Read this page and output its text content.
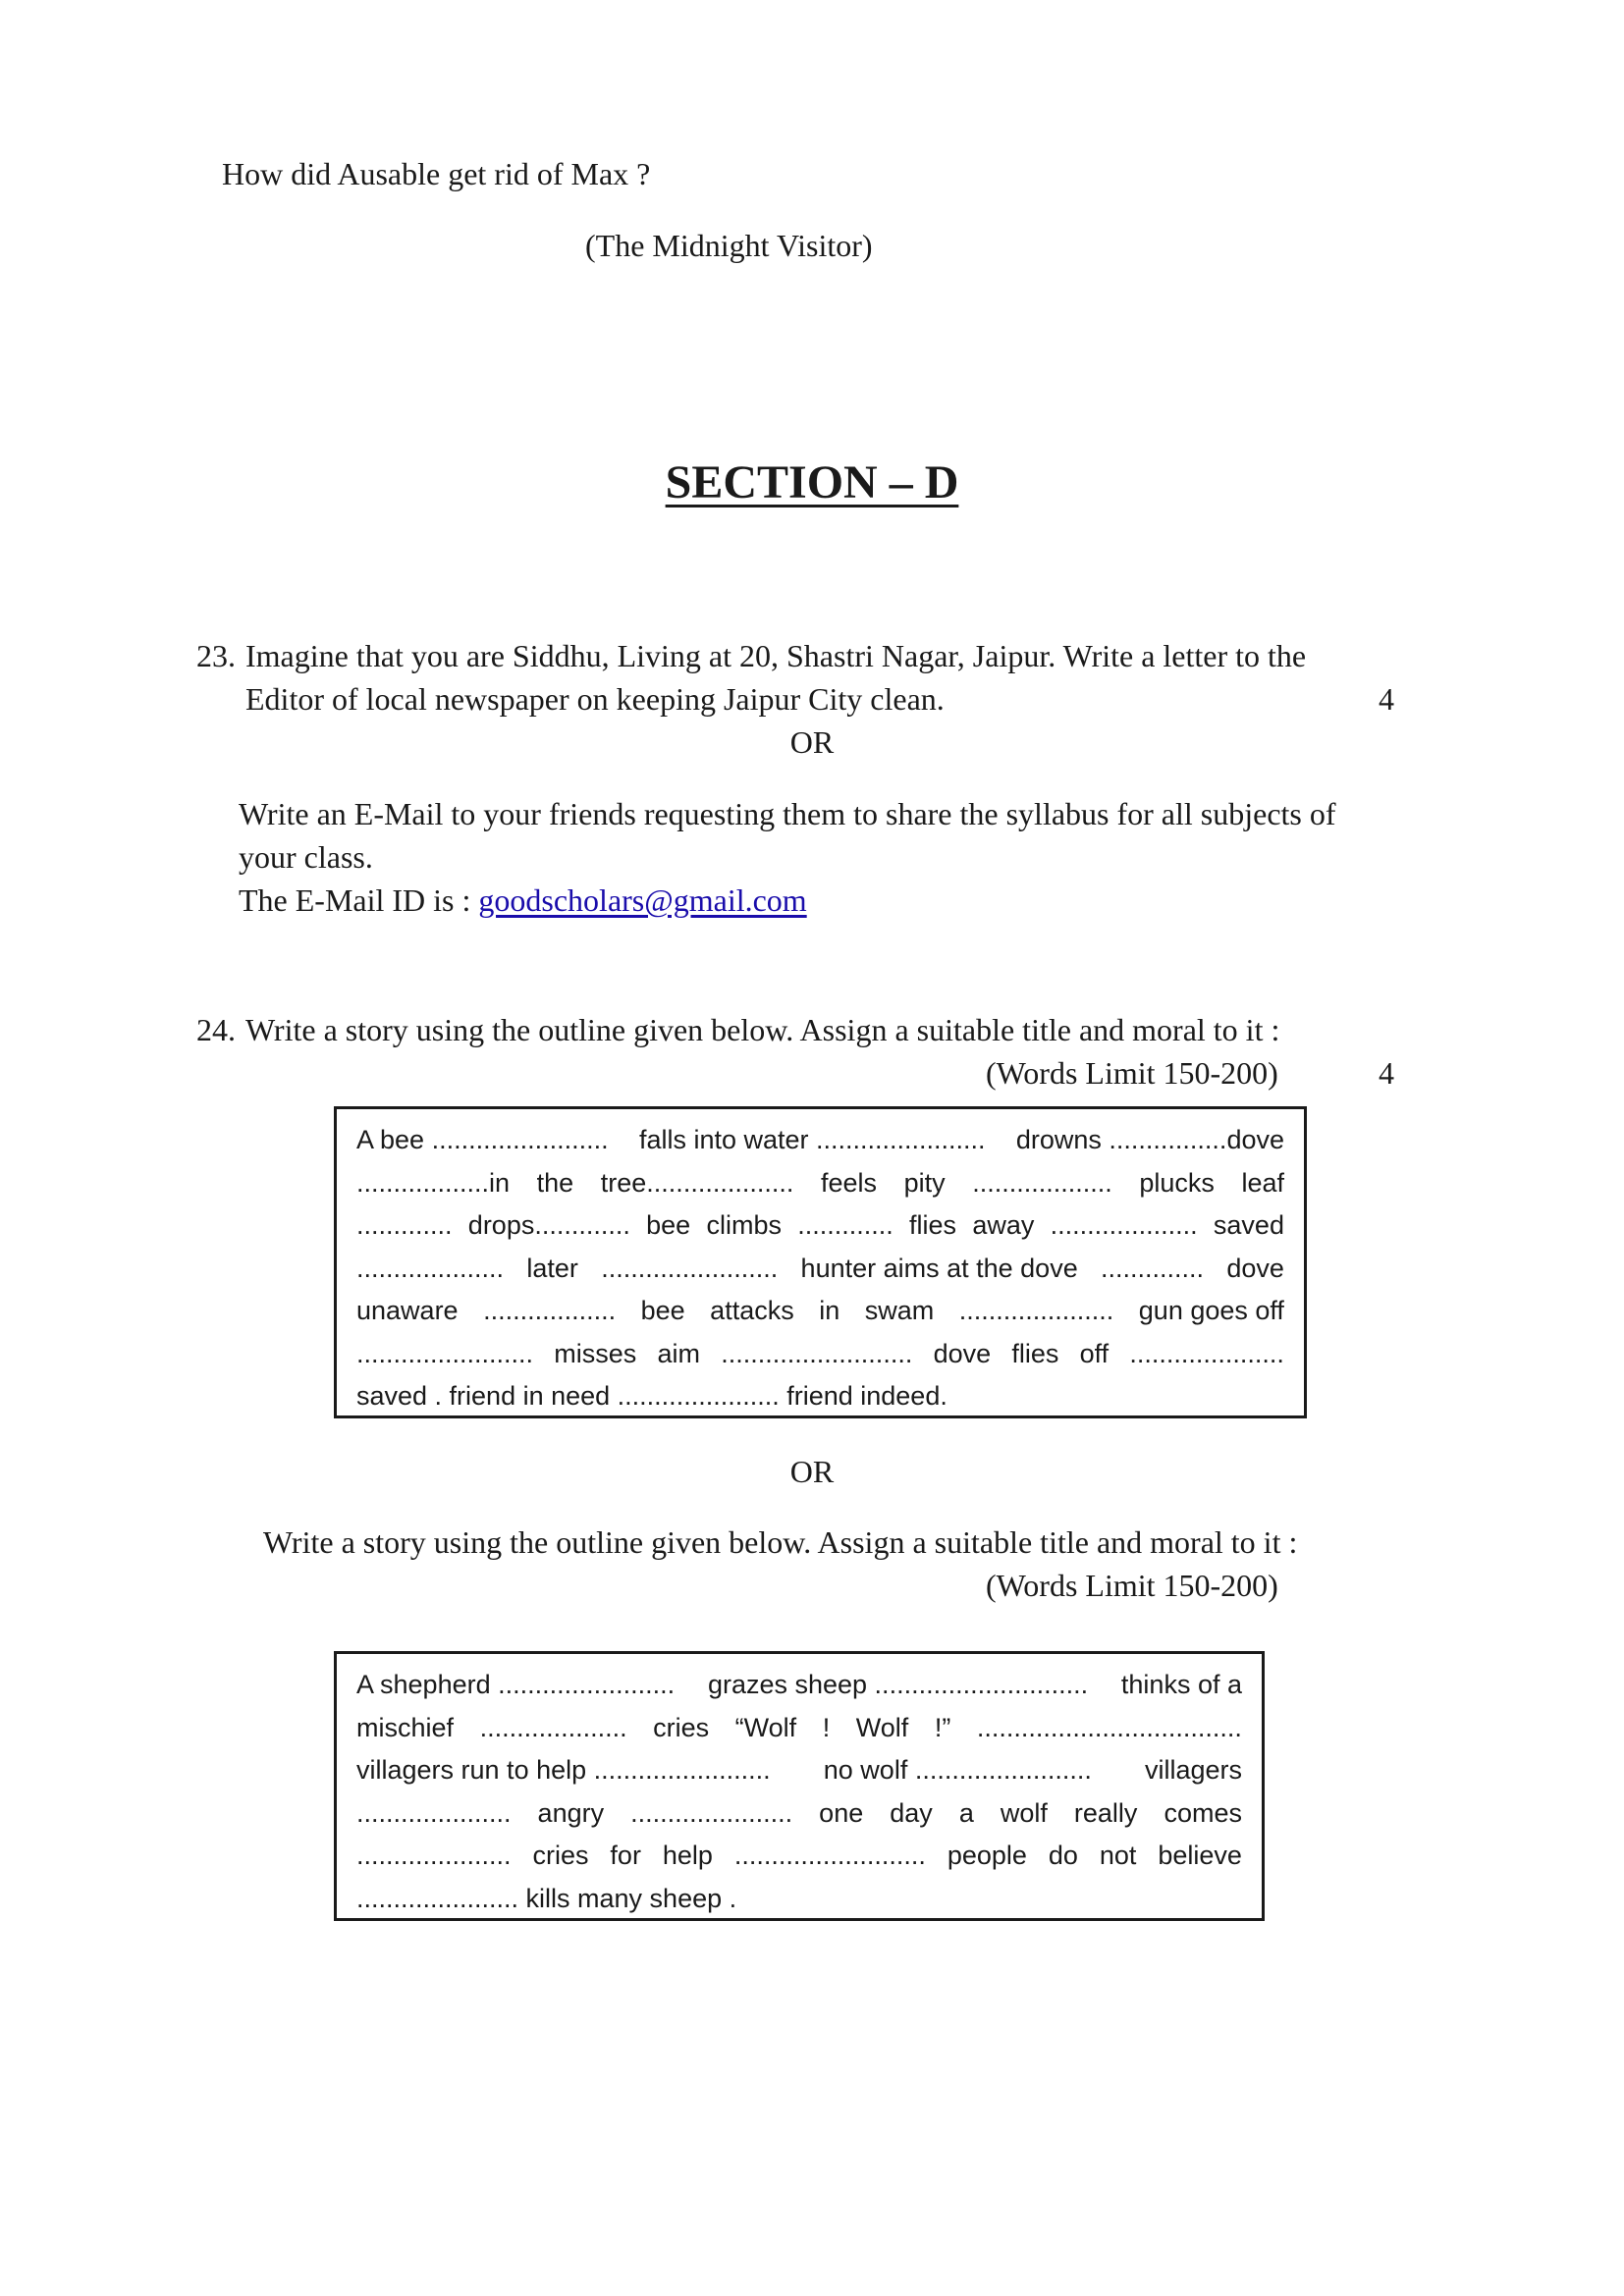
How did Ausable get rid of Max ?
(The Midnight Visitor)
SECTION – D
23. Imagine that you are Siddhu, Living at 20, Shastri Nagar, Jaipur. Write a letter to the
Editor of local newspaper on keeping Jaipur City clean.	4
OR
Write an E-Mail to your friends requesting them to share the syllabus for all subjects of
your class.
The E-Mail ID is : goodscholars@gmail.com
24. Write a story using the outline given below. Assign a suitable title and moral to it :
(Words Limit 150-200)	4
A bee ........................ falls into water ....................... drowns ................dove
..................in the tree.................... feels pity ................... plucks leaf
............. drops............. bee climbs ............. flies away .................... saved
.................... later ........................ hunter aims at the dove .............. dove
unaware .................. bee attacks in swam ..................... gun goes off
........................ misses aim .......................... dove flies off .....................
saved . friend in need ...................... friend indeed.
OR
Write a story using the outline given below. Assign a suitable title and moral to it :
(Words Limit 150-200)
A shepherd ........................ grazes sheep ............................. thinks of a
mischief .................... cries “Wolf ! Wolf !” ....................................
villagers run to help ........................ no wolf ........................ villagers
..................... angry ...................... one day a wolf really comes
..................... cries for help .......................... people do not believe
...................... kills many sheep .
